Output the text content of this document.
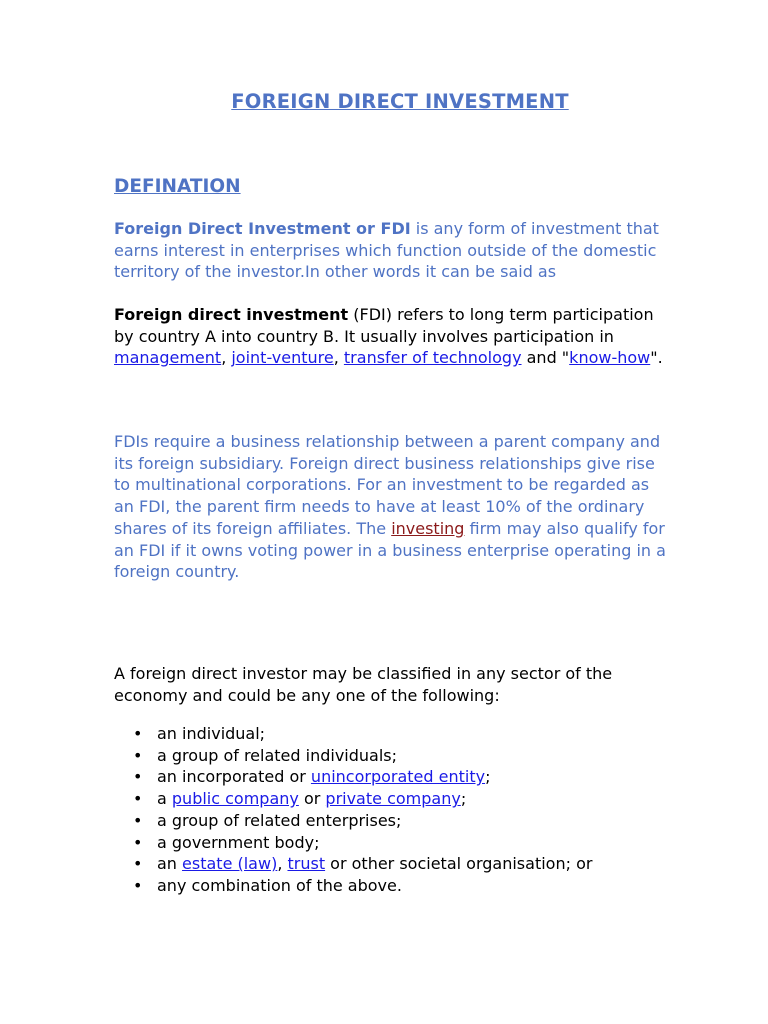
FOREIGN DIRECT INVESTMENT
DEFINATION
Foreign Direct Investment or FDI is any form of investment that earns interest in enterprises which function outside of the domestic territory of the investor.In other words it can be said as
Foreign direct investment (FDI) refers to long term participation by country A into country B. It usually involves participation in management, joint-venture, transfer of technology and "know-how".
FDIs require a business relationship between a parent company and its foreign subsidiary. Foreign direct business relationships give rise to multinational corporations. For an investment to be regarded as an FDI, the parent firm needs to have at least 10% of the ordinary shares of its foreign affiliates. The investing firm may also qualify for an FDI if it owns voting power in a business enterprise operating in a foreign country.
A foreign direct investor may be classified in any sector of the economy and could be any one of the following:
• an individual;
• a group of related individuals;
• an incorporated or unincorporated entity;
• a public company or private company;
• a group of related enterprises;
• a government body;
• an estate (law), trust or other societal organisation; or
• any combination of the above.
